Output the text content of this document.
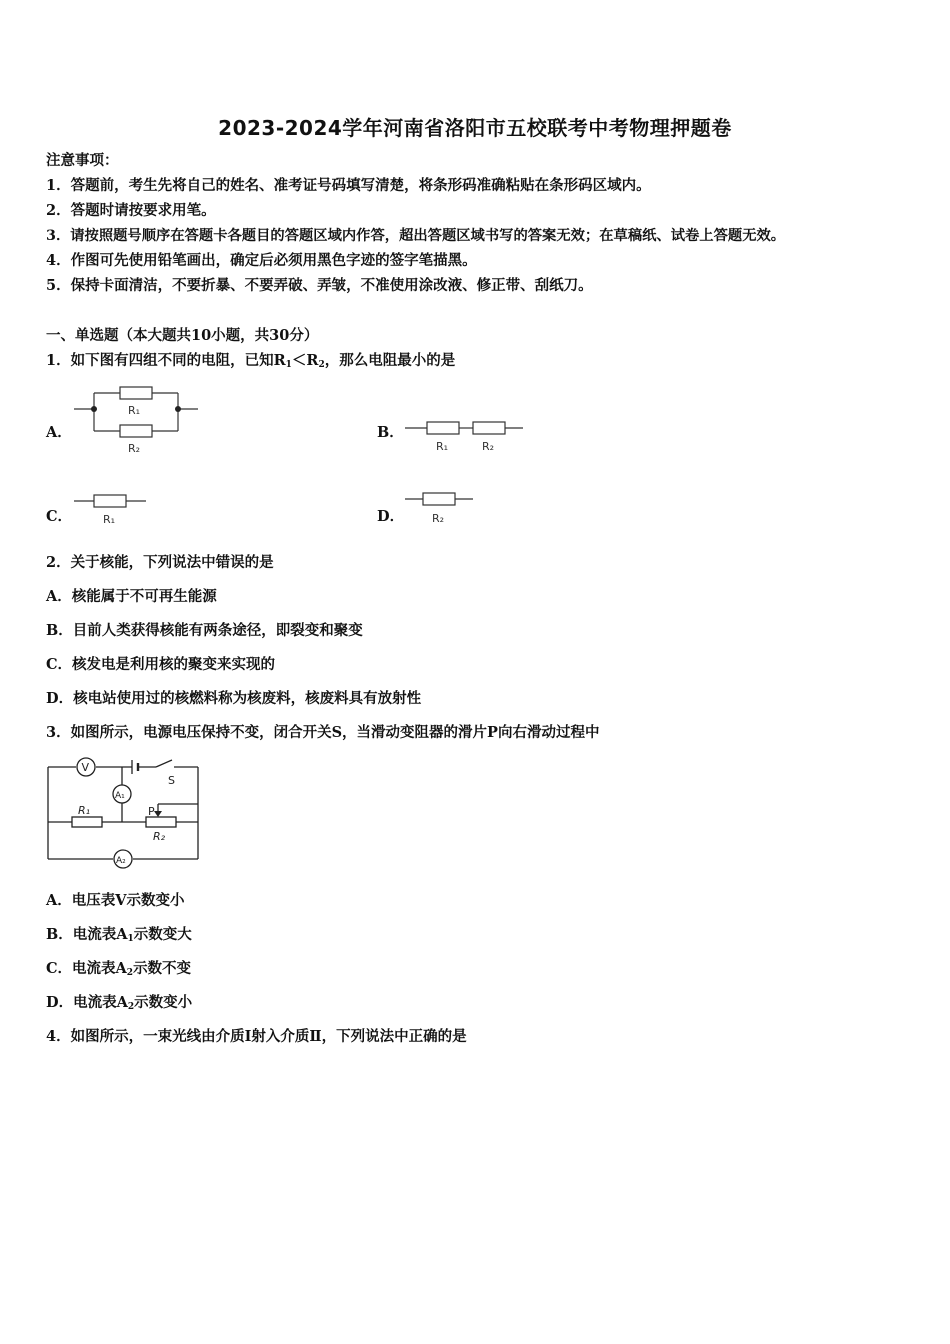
2023-2024学年河南省洛阳市五校联考中考物理押题卷
注意事项：
1．答题前，考生先将自己的姓名、准考证号码填写清楚，将条形码准确粘贴在条形码区域内。
2．答题时请按要求用笔。
3．请按照题号顺序在答题卡各题目的答题区域内作答，超出答题区域书写的答案无效；在草稿纸、试卷上答题无效。
4．作图可先使用铅笔画出，确定后必须用黑色字迹的签字笔描黑。
5．保持卡面清洁，不要折暴、不要弄破、弄皱，不准使用涂改液、修正带、刮纸刀。
一、单选题（本大题共10小题，共30分）
1．如下图有四组不同的电阻，已知$R_1<R_2$，那么电阻最小的是
A．
R₁
R₂
B．
R₁	R₂
C．	R₁	D．	R₂
2．关于核能，下列说法中错误的是
A．核能属于不可再生能源
B．目前人类获得核能有两条途径，即裂变和聚变
C．核发电是利用核的聚变来实现的
D．核电站使用过的核燃料称为核废料，核废料具有放射性
3．如图所示，电源电压保持不变，闭合开关S，当滑动变阻器的滑片P向右滑动过程中
V
A₁
A₂
S
P
R₁
R₂
A．电压表V示数变小
B．电流表$A_1$示数变大
C．电流表$A_2$示数不变
D．电流表$A_2$示数变小
4．如图所示，一束光线由介质Ⅰ射入介质Ⅱ，下列说法中正确的是
